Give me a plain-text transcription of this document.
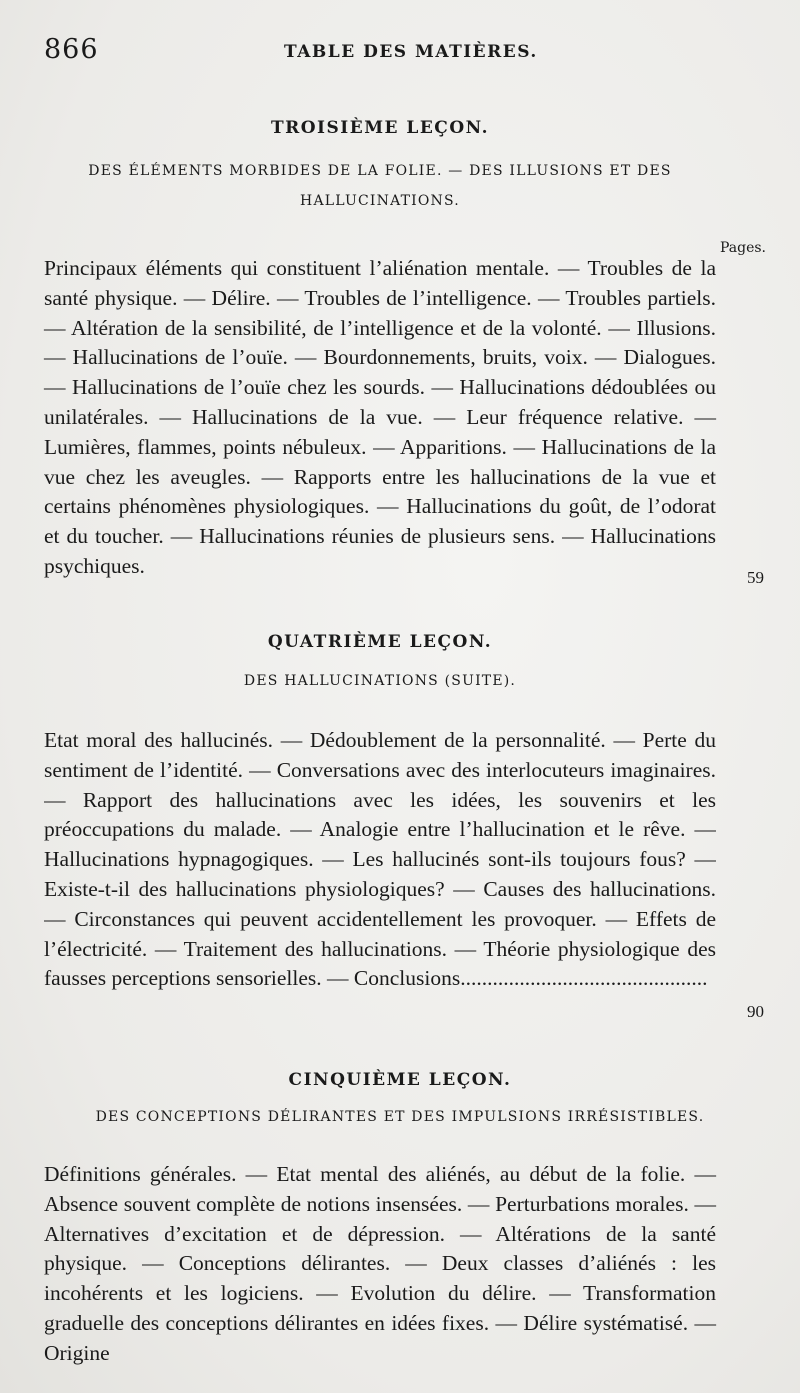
866	TABLE DES MATIÈRES.
TROISIÈME LEÇON.
DES ÉLÉMENTS MORBIDES DE LA FOLIE. — DES ILLUSIONS ET DES HALLUCINATIONS.
Pages.

Principaux éléments qui constituent l’aliénation mentale. — Troubles de la santé physique. — Délire. — Troubles de l’intelligence. — Troubles partiels. — Altération de la sensibilité, de l’intelligence et de la volonté. — Illusions. — Hallucinations de l’ouïe. — Bourdonnements, bruits, voix. — Dialogues. — Hallucinations de l’ouïe chez les sourds. — Hallucinations dédoublées ou unilatérales. — Hallucinations de la vue. — Leur fréquence relative. — Lumières, flammes, points nébuleux. — Apparitions. — Hallucinations de la vue chez les aveugles. — Rapports entre les hallucinations de la vue et certains phénomènes physiologiques. — Hallucinations du goût, de l’odorat et du toucher. — Hallucinations réunies de plusieurs sens. — Hallucinations psychiques.	59
QUATRIÈME LEÇON.
DES HALLUCINATIONS (SUITE).

Etat moral des hallucinés. — Dédoublement de la personnalité. — Perte du sentiment de l’identité. — Conversations avec des interlocuteurs imaginaires. — Rapport des hallucinations avec les idées, les souvenirs et les préoccupations du malade. — Analogie entre l’hallucination et le rêve. — Hallucinations hypnagogiques. — Les hallucinés sont-ils toujours fous? — Existe-t-il des hallucinations physiologiques? — Causes des hallucinations. — Circonstances qui peuvent accidentellement les provoquer. — Effets de l’électricité. — Traitement des hallucinations. — Théorie physiologique des fausses perceptions sensorielles. — Conclusions..............................................

90
CINQUIÈME LEÇON.
DES CONCEPTIONS DÉLIRANTES ET DES IMPULSIONS IRRÉSISTIBLES.

Définitions générales. — Etat mental des aliénés, au début de la folie. — Absence souvent complète de notions insensées. — Perturbations morales. — Alternatives d’excitation et de dépression. — Altérations de la santé physique. — Conceptions délirantes. — Deux classes d’aliénés : les incohérents et les logiciens. — Evolution du délire. — Transformation graduelle des conceptions délirantes en idées fixes. — Délire systématisé. — Origine
